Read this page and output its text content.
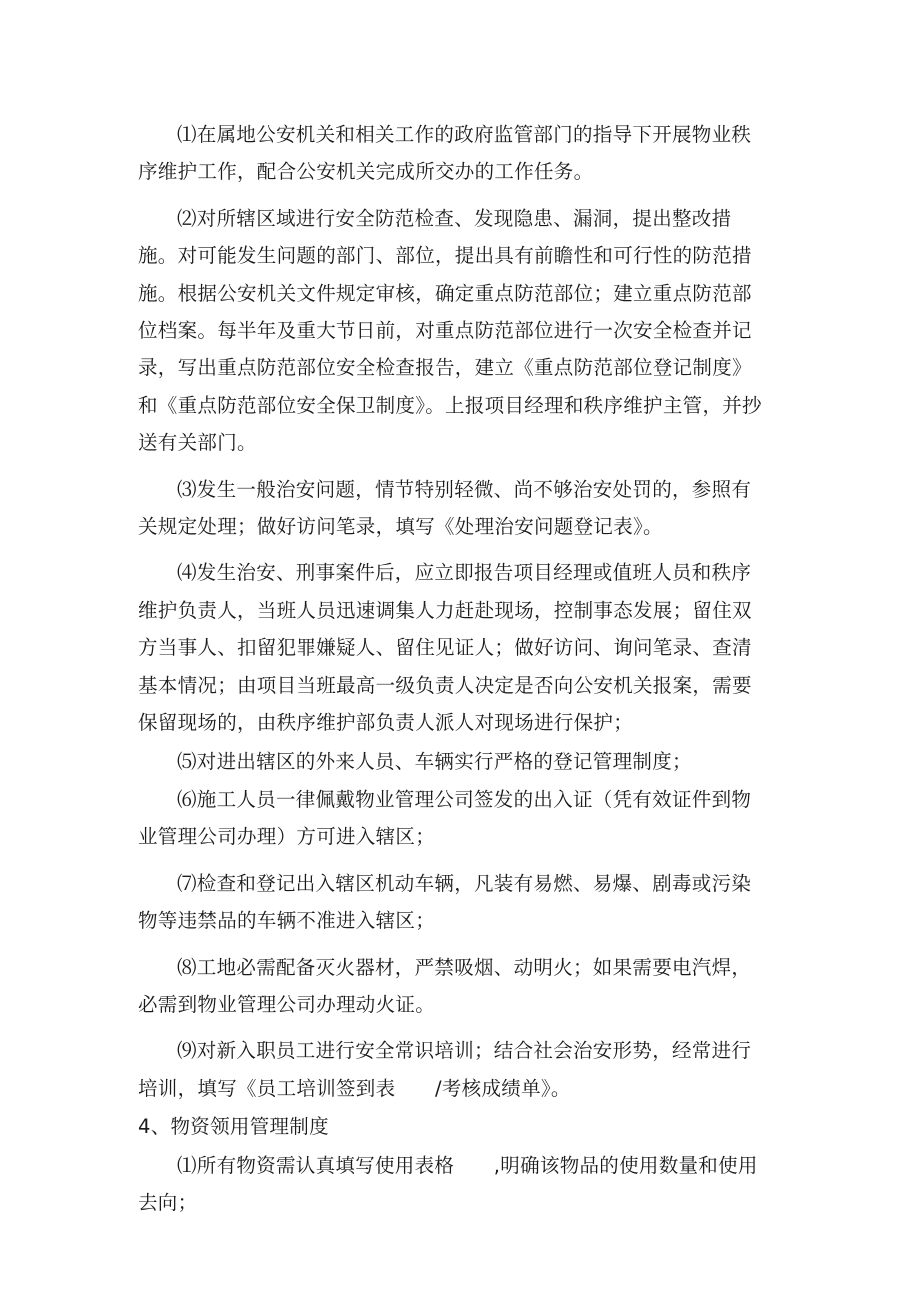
⑴在属地公安机关和相关工作的政府监管部门的指导下开展物业秩序维护工作，配合公安机关完成所交办的工作任务。

⑵对所辖区域进行安全防范检查、发现隐患、漏洞，提出整改措施。对可能发生问题的部门、部位，提出具有前瞻性和可行性的防范措施。根据公安机关文件规定审核，确定重点防范部位；建立重点防范部位档案。每半年及重大节日前，对重点防范部位进行一次安全检查并记录，写出重点防范部位安全检查报告，建立《重点防范部位登记制度》和《重点防范部位安全保卫制度》。上报项目经理和秩序维护主管，并抄送有关部门。

⑶发生一般治安问题，情节特别轻微、尚不够治安处罚的，参照有关规定处理；做好访问笔录，填写《处理治安问题登记表》。

⑷发生治安、刑事案件后，应立即报告项目经理或值班人员和秩序维护负责人，当班人员迅速调集人力赶赴现场，控制事态发展；留住双方当事人、扣留犯罪嫌疑人、留住见证人；做好访问、询问笔录、查清基本情况；由项目当班最高一级负责人决定是否向公安机关报案，需要保留现场的，由秩序维护部负责人派人对现场进行保护；

⑸对进出辖区的外来人员、车辆实行严格的登记管理制度；

⑹施工人员一律佩戴物业管理公司签发的出入证（凭有效证件到物业管理公司办理）方可进入辖区；

⑺检查和登记出入辖区机动车辆，凡装有易燃、易爆、剧毒或污染物等违禁品的车辆不准进入辖区；

⑻工地必需配备灭火器材，严禁吸烟、动明火；如果需要电汽焊，必需到物业管理公司办理动火证。

⑼对新入职员工进行安全常识培训；结合社会治安形势，经常进行培训，填写《员工培训签到表　　/考核成绩单》。

4、物资领用管理制度

⑴所有物资需认真填写使用表格　　,明确该物品的使用数量和使用去向；
